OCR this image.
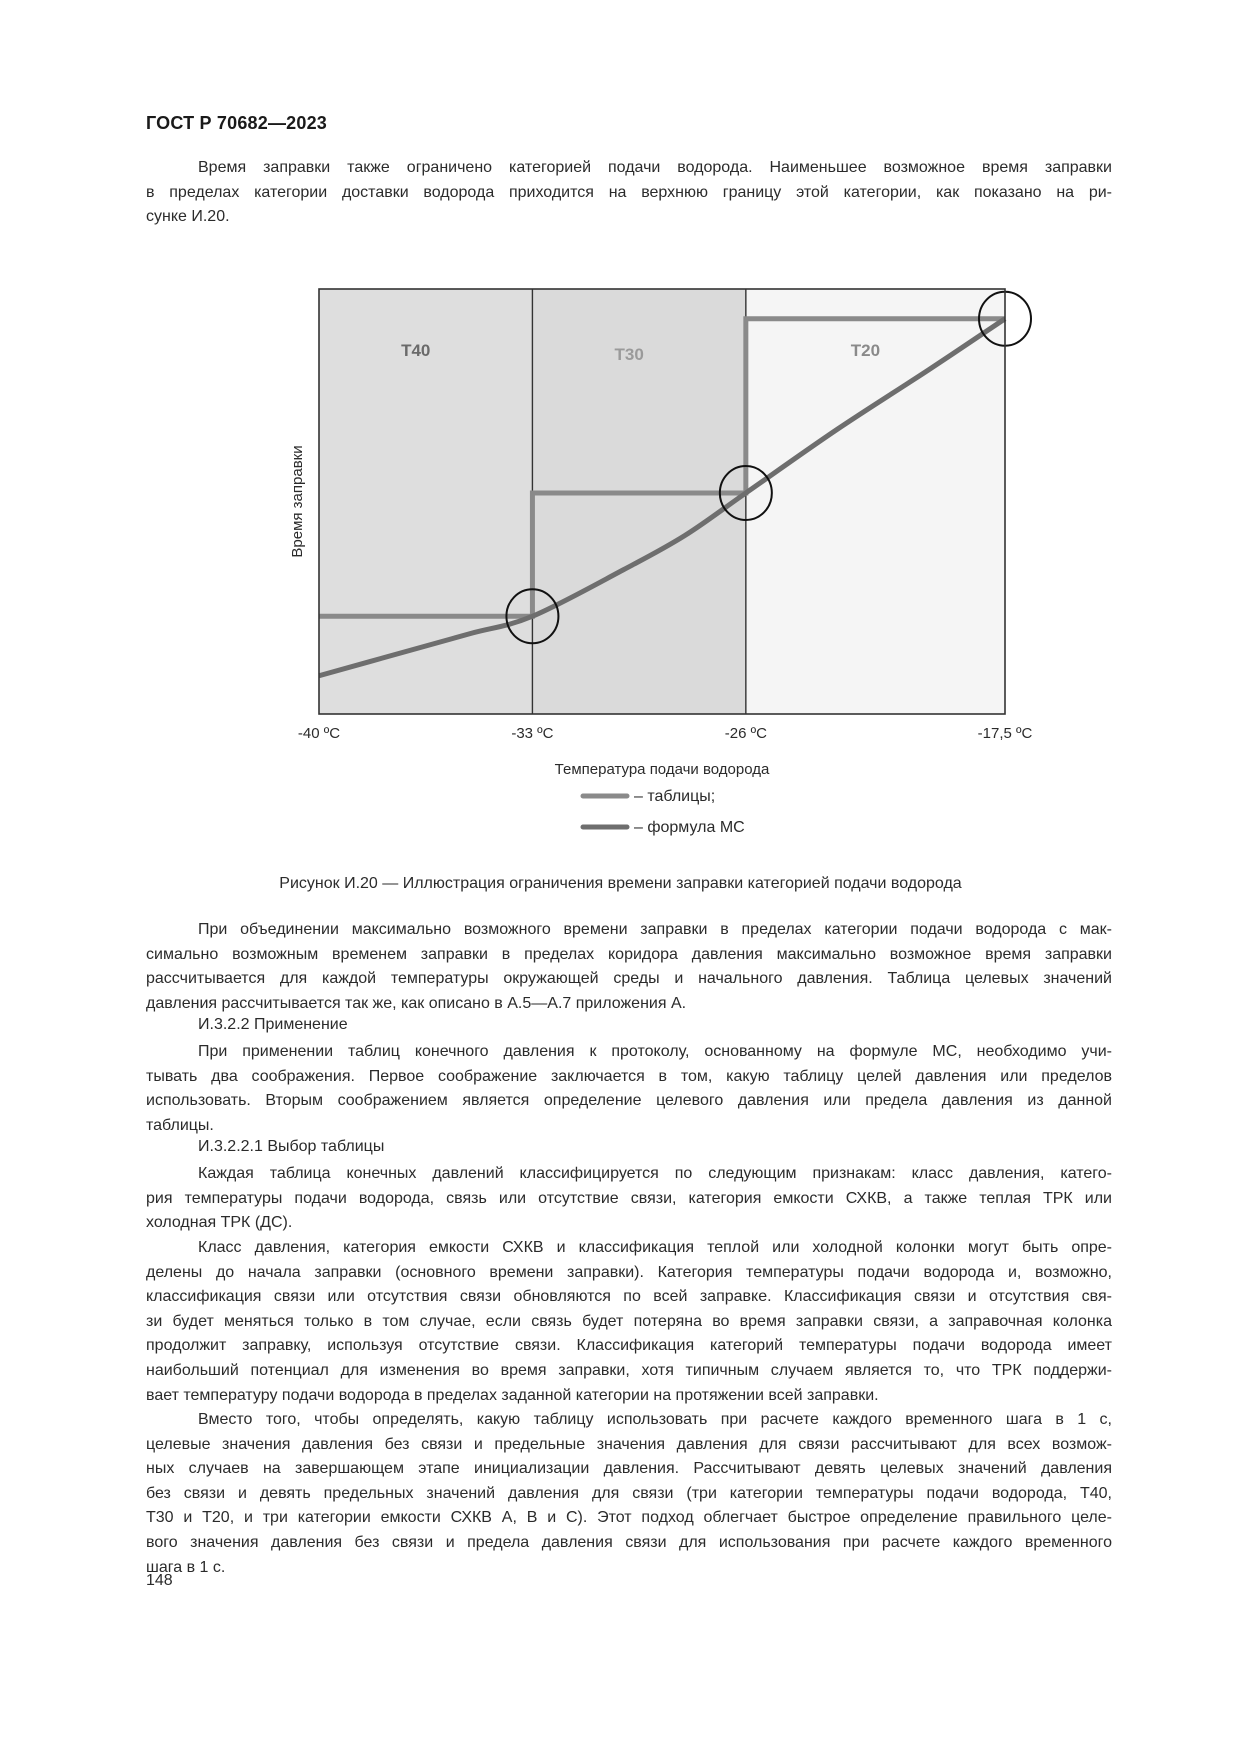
ГОСТ Р 70682—2023
Время заправки также ограничено категорией подачи водорода. Наименьшее возможное время заправки
в пределах категории доставки водорода приходится на верхнюю границу этой категории, как показано на ри-
сунке И.20.
T40	T30	T20
-40 ºС	-33 ºС	-26 ºС	-17,5 ºС
Время заправки
Температура подачи водорода
– таблицы;
– формула МС
Рисунок И.20 — Иллюстрация ограничения времени заправки категорией подачи водорода
При объединении максимально возможного времени заправки в пределах категории подачи водорода с мак-
симально возможным временем заправки в пределах коридора давления максимально возможное время заправки
рассчитывается для каждой температуры окружающей среды и начального давления. Таблица целевых значений
давления рассчитывается так же, как описано в А.5—А.7 приложения А.
И.3.2.2 Применение
При применении таблиц конечного давления к протоколу, основанному на формуле МС, необходимо учи-
тывать два соображения. Первое соображение заключается в том, какую таблицу целей давления или пределов
использовать. Вторым соображением является определение целевого давления или предела давления из данной
таблицы.
И.3.2.2.1 Выбор таблицы
Каждая таблица конечных давлений классифицируется по следующим признакам: класс давления, катего-
рия температуры подачи водорода, связь или отсутствие связи, категория емкости СХКВ, а также теплая ТРК или
холодная ТРК (ДС).
Класс давления, категория емкости СХКВ и классификация теплой или холодной колонки могут быть опре-
делены до начала заправки (основного времени заправки). Категория температуры подачи водорода и, возможно,
классификация связи или отсутствия связи обновляются по всей заправке. Классификация связи и отсутствия свя-
зи будет меняться только в том случае, если связь будет потеряна во время заправки связи, а заправочная колонка
продолжит заправку, используя отсутствие связи. Классификация категорий температуры подачи водорода имеет
наибольший потенциал для изменения во время заправки, хотя типичным случаем является то, что ТРК поддержи-
вает температуру подачи водорода в пределах заданной категории на протяжении всей заправки.
Вместо того, чтобы определять, какую таблицу использовать при расчете каждого временного шага в 1 с,
целевые значения давления без связи и предельные значения давления для связи рассчитывают для всех возмож-
ных случаев на завершающем этапе инициализации давления. Рассчитывают девять целевых значений давления
без связи и девять предельных значений давления для связи (три категории температуры подачи водорода, Т40,
Т30 и Т20, и три категории емкости СХКВ А, В и С). Этот подход облегчает быстрое определение правильного целе-
вого значения давления без связи и предела давления связи для использования при расчете каждого временного
шага в 1 с.
148
